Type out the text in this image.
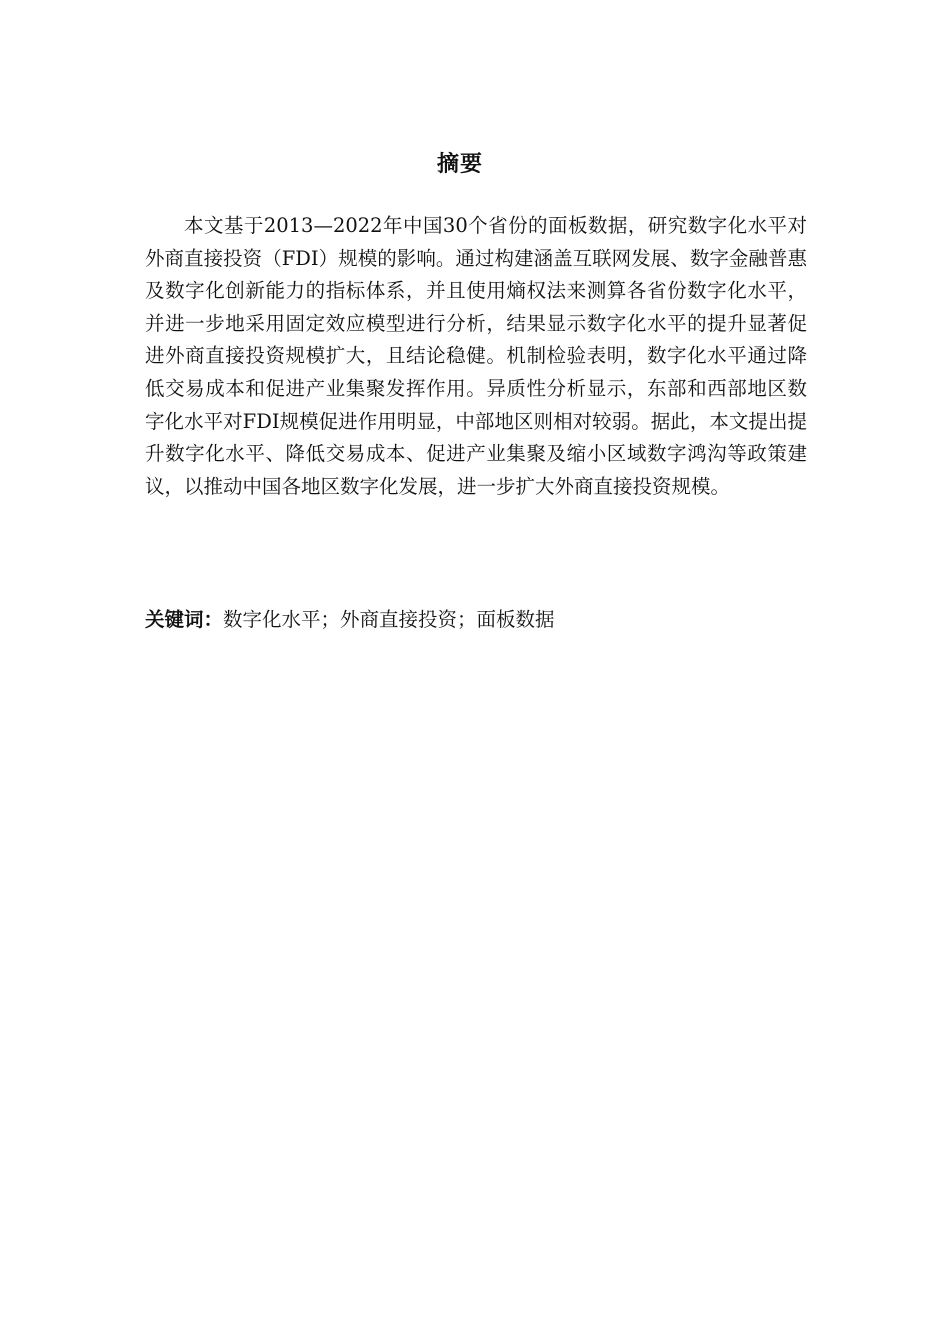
摘要

本文基于2013—2022年中国30个省份的面板数据，研究数字化水平对外商直接投资（FDI）规模的影响。通过构建涵盖互联网发展、数字金融普惠及数字化创新能力的指标体系，并且使用熵权法来测算各省份数字化水平，并进一步地采用固定效应模型进行分析，结果显示数字化水平的提升显著促进外商直接投资规模扩大，且结论稳健。机制检验表明，数字化水平通过降低交易成本和促进产业集聚发挥作用。异质性分析显示，东部和西部地区数字化水平对FDI规模促进作用明显，中部地区则相对较弱。据此，本文提出提升数字化水平、降低交易成本、促进产业集聚及缩小区域数字鸿沟等政策建议，以推动中国各地区数字化发展，进一步扩大外商直接投资规模。

关键词：数字化水平；外商直接投资；面板数据
